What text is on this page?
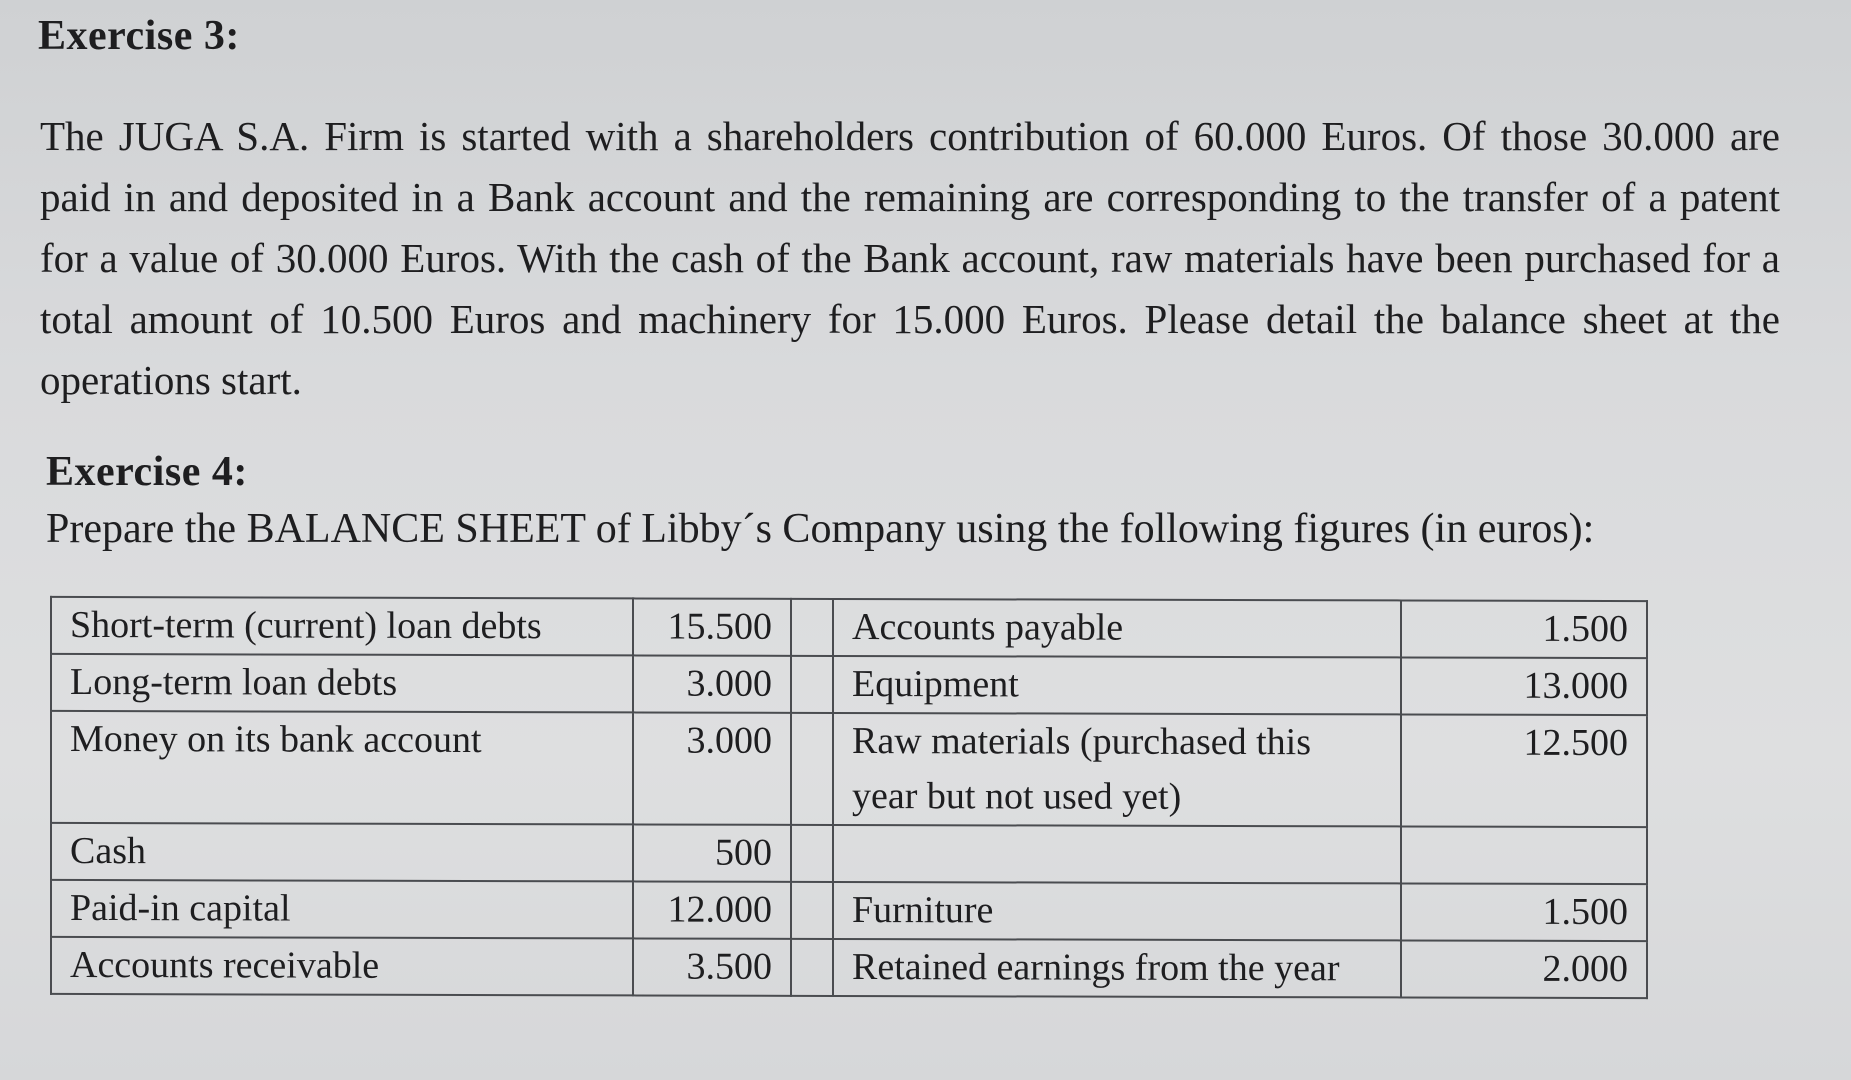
Exercise 3:
The JUGA S.A. Firm is started with a shareholders contribution of 60.000 Euros. Of those 30.000 are paid in and deposited in a Bank account and the remaining are corresponding to the transfer of a patent for a value of 30.000 Euros. With the cash of the Bank account, raw materials have been purchased for a total amount of 10.500 Euros and machinery for 15.000 Euros. Please detail the balance sheet at the operations start.
Exercise 4:
Prepare the BALANCE SHEET of Libby´s Company using the following figures (in euros):
Short-term (current) loan debts	15.500		Accounts payable	1.500
Long-term loan debts	3.000		Equipment	13.000
Money on its bank account	3.000		Raw materials (purchased this year but not used yet)	12.500
Cash	500			
Paid-in capital	12.000		Furniture	1.500
Accounts receivable	3.500		Retained earnings from the year	2.000
